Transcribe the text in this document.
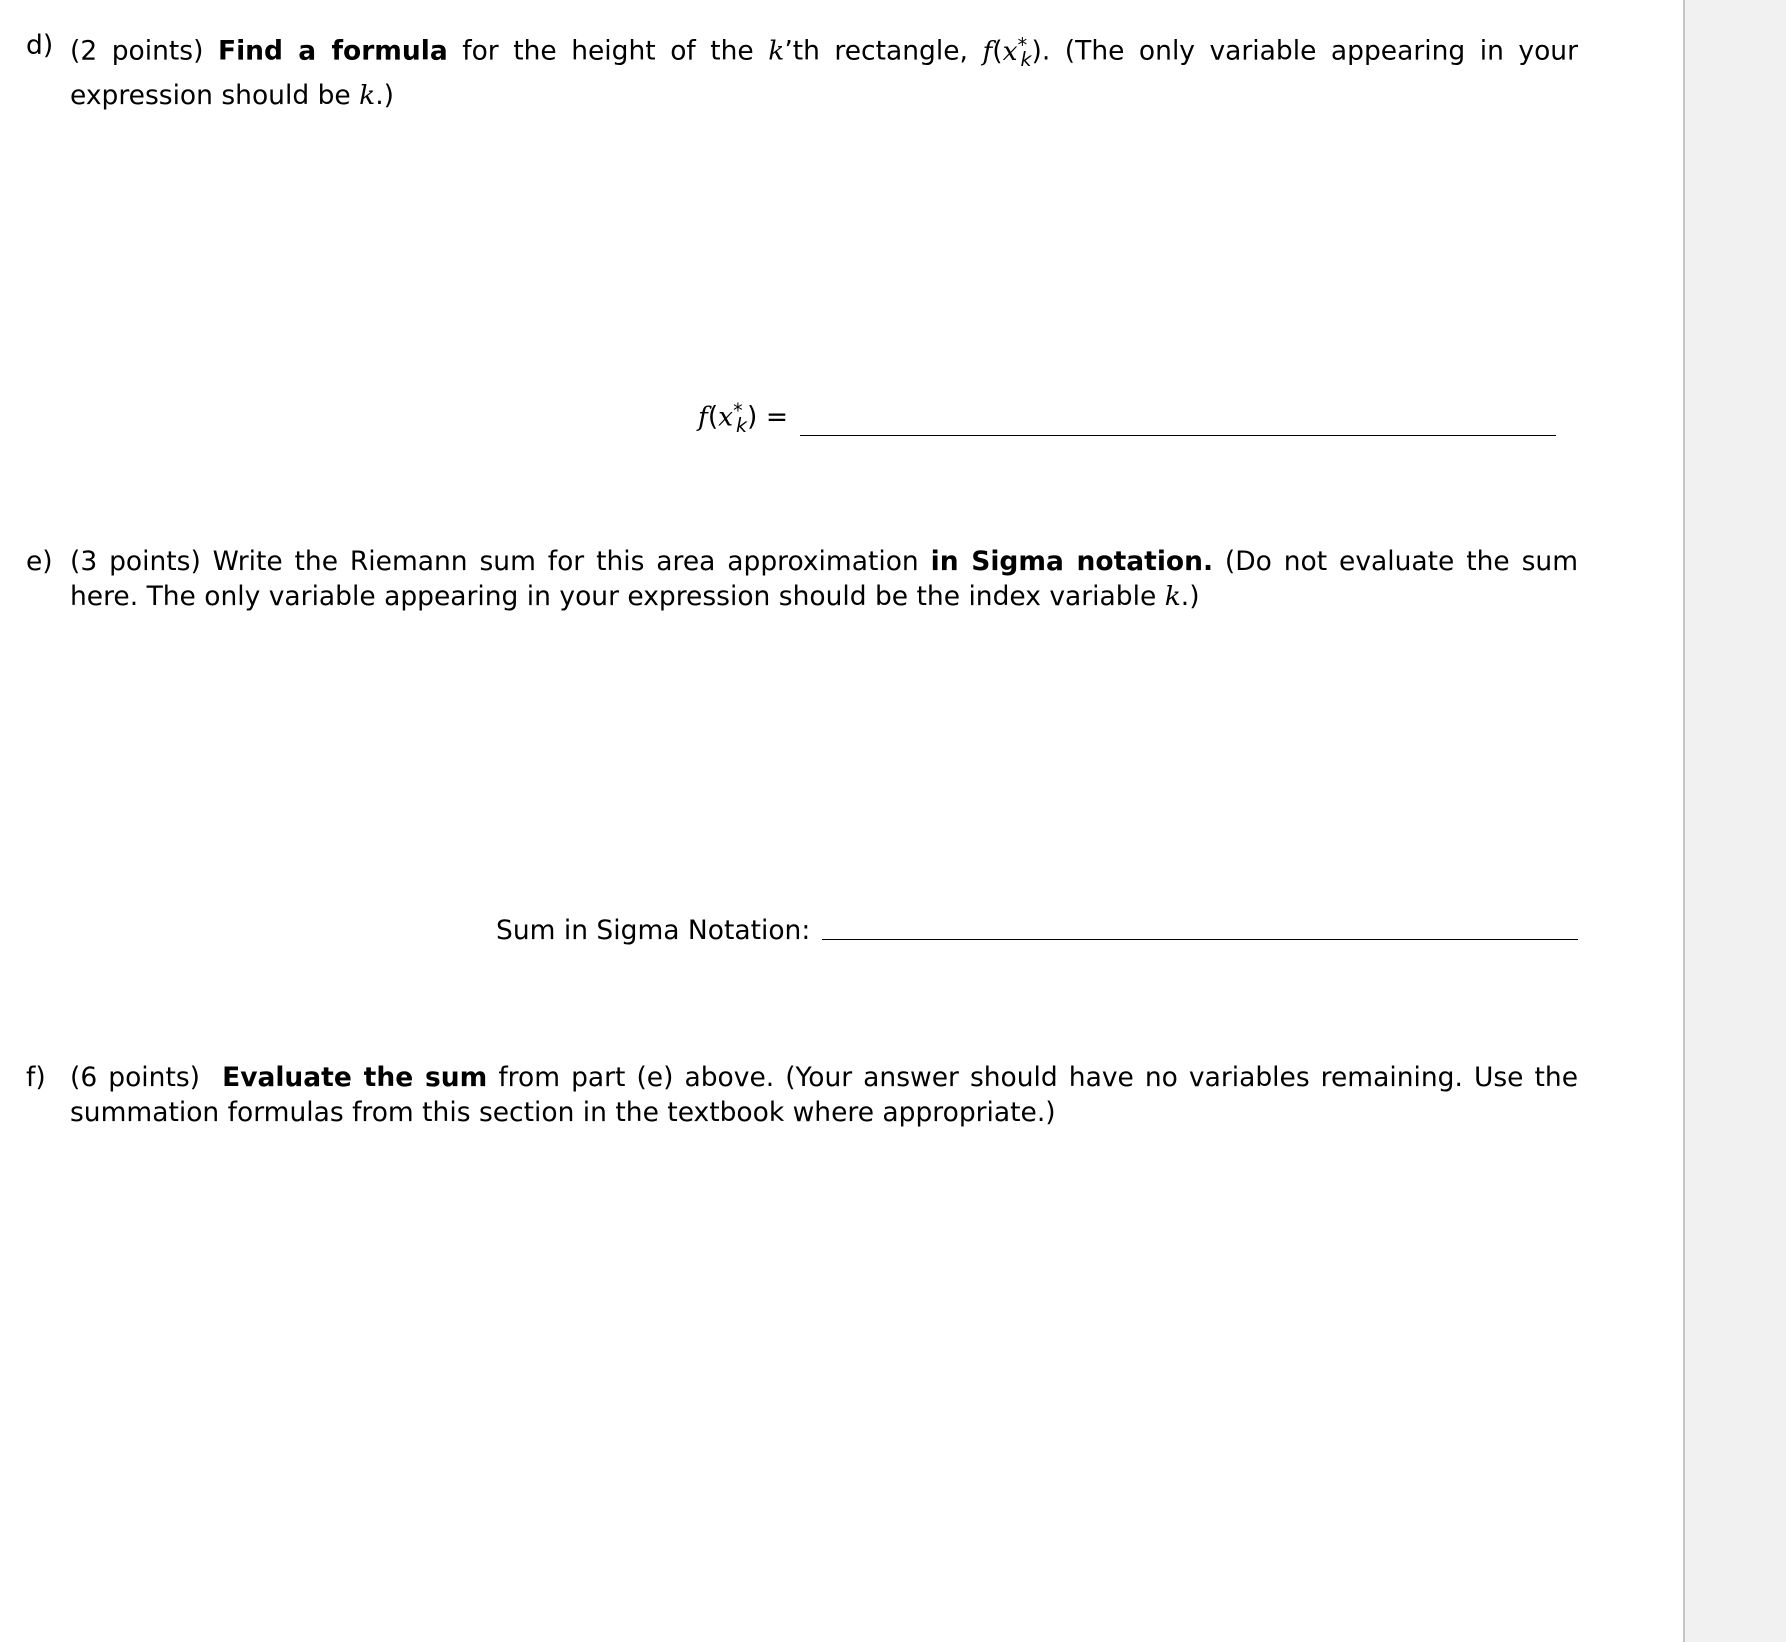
d) (2 points) Find a formula for the height of the k’th rectangle, $f(x^*_k)$. (The only variable appearing in your expression should be k.)
$f(x^*_k)$ =
e) (3 points) Write the Riemann sum for this area approximation in Sigma notation. (Do not evaluate the sum here. The only variable appearing in your expression should be the index variable k.)
Sum in Sigma Notation:
f) (6 points) Evaluate the sum from part (e) above. (Your answer should have no variables remaining. Use the summation formulas from this section in the textbook where appropriate.)
